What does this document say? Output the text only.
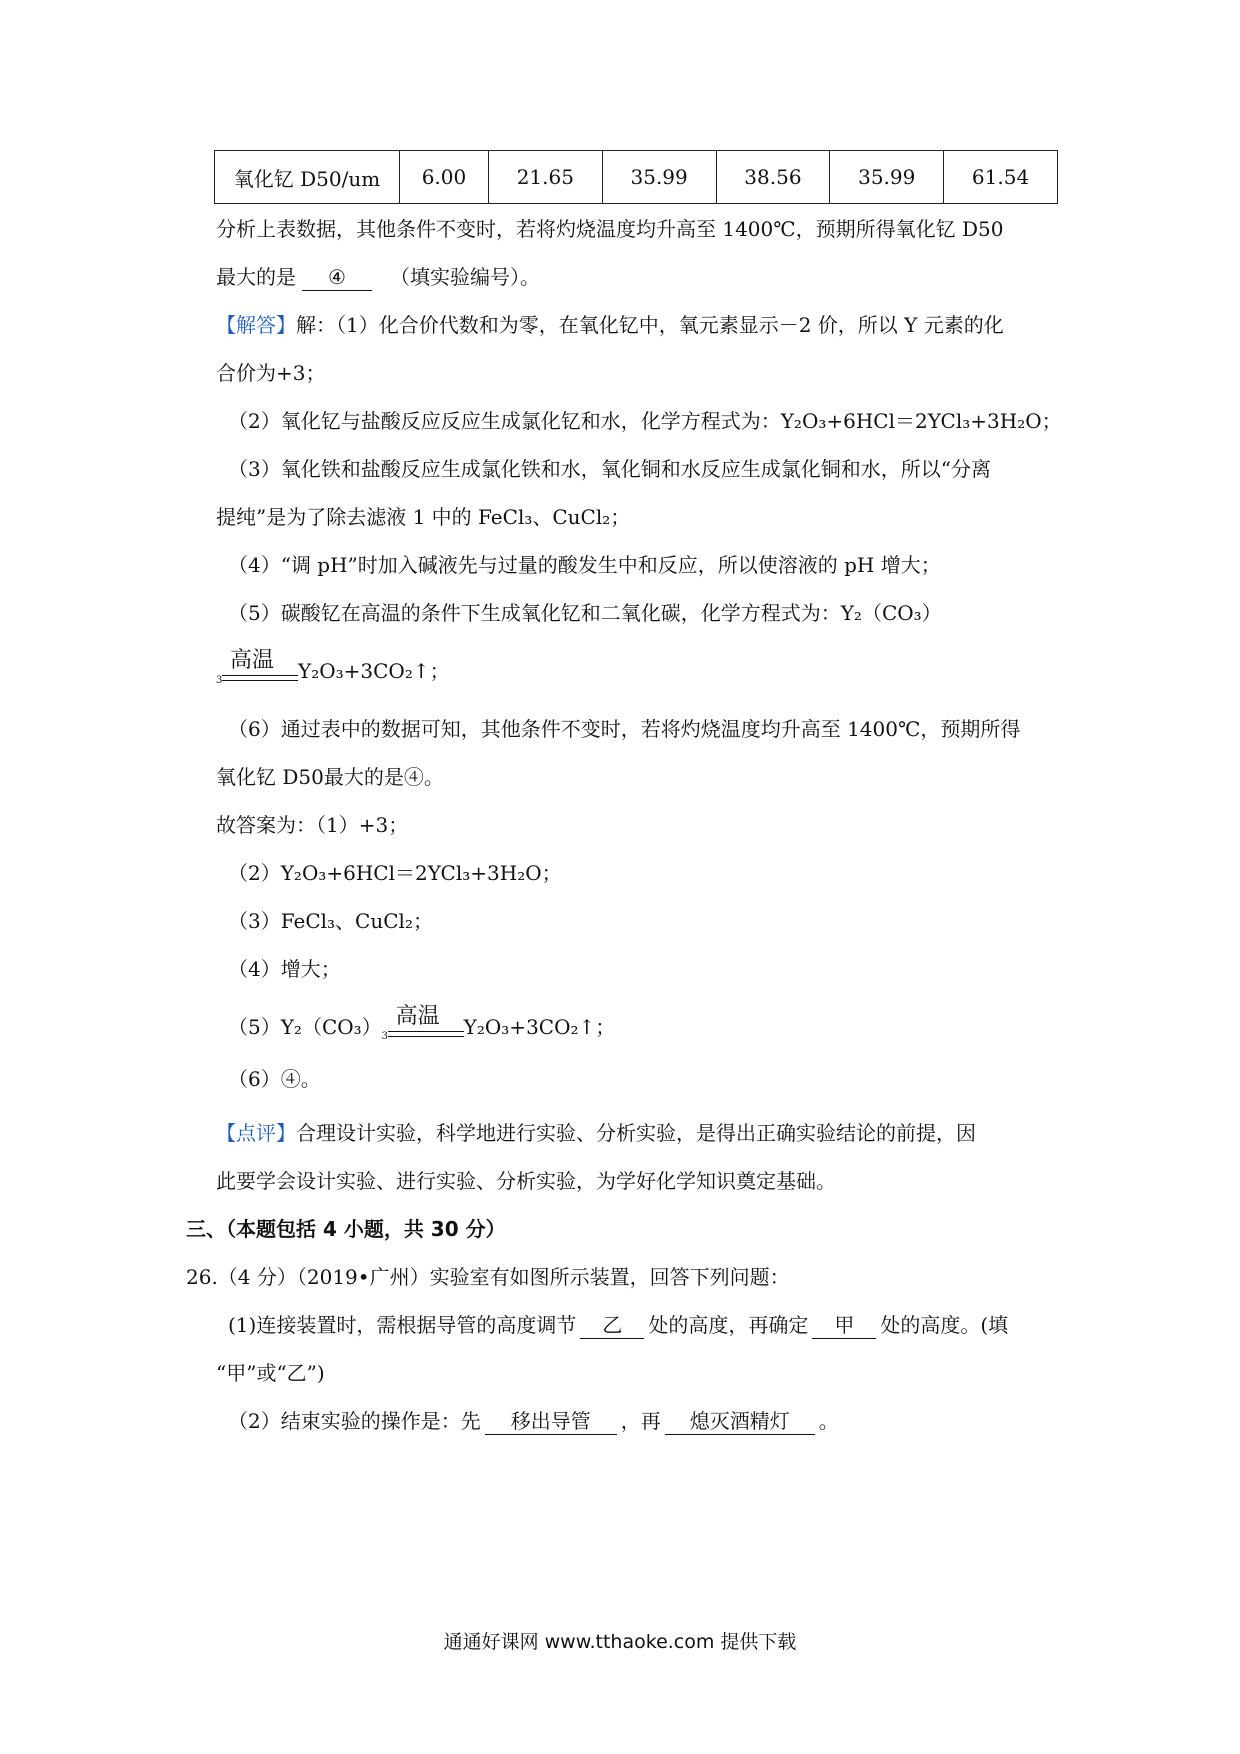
氧化钇 D50/um	6.00	21.65	35.99	38.56	35.99	61.54
分析上表数据，其他条件不变时，若将灼烧温度均升高至 1400℃，预期所得氧化钇 D50
最大的是 ④ （填实验编号）。
【解答】解：（1）化合价代数和为零，在氧化钇中，氧元素显示－2 价，所以 Y 元素的化
合价为+3；
（2）氧化钇与盐酸反应反应生成氯化钇和水，化学方程式为：Y₂O₃+6HCl＝2YCl₃+3H₂O；
（3）氧化铁和盐酸反应生成氯化铁和水，氧化铜和水反应生成氯化铜和水，所以“分离
提纯”是为了除去滤液 1 中的 FeCl₃、CuCl₂；
（4）“调 pH”时加入碱液先与过量的酸发生中和反应，所以使溶液的 pH 增大；
（5）碳酸钇在高温的条件下生成氧化钇和二氧化碳，化学方程式为：Y₂（CO₃）
3
高温 Y₂O₃+3CO₂↑；
（6）通过表中的数据可知，其他条件不变时，若将灼烧温度均升高至 1400℃，预期所得
氧化钇 D50最大的是④。
故答案为：（1）+3；
（2）Y₂O₃+6HCl＝2YCl₃+3H₂O；
（3）FeCl₃、CuCl₂；
（4）增大；
（5）Y₂（CO₃） 3
高温 Y₂O₃+3CO₂↑；
（6）④。
【点评】合理设计实验，科学地进行实验、分析实验，是得出正确实验结论的前提，因
此要学会设计实验、进行实验、分析实验，为学好化学知识奠定基础。
三、（本题包括 4 小题，共 30 分）
26.（4 分）（2019•广州）实验室有如图所示装置，回答下列问题：
(1)连接装置时，需根据导管的高度调节 乙 处的高度，再确定 甲 处的高度。(填
“甲”或“乙”)
（2）结束实验的操作是：先 移出导管 ，再 熄灭酒精灯 。
通通好课网 www.tthaoke.com 提供下载
